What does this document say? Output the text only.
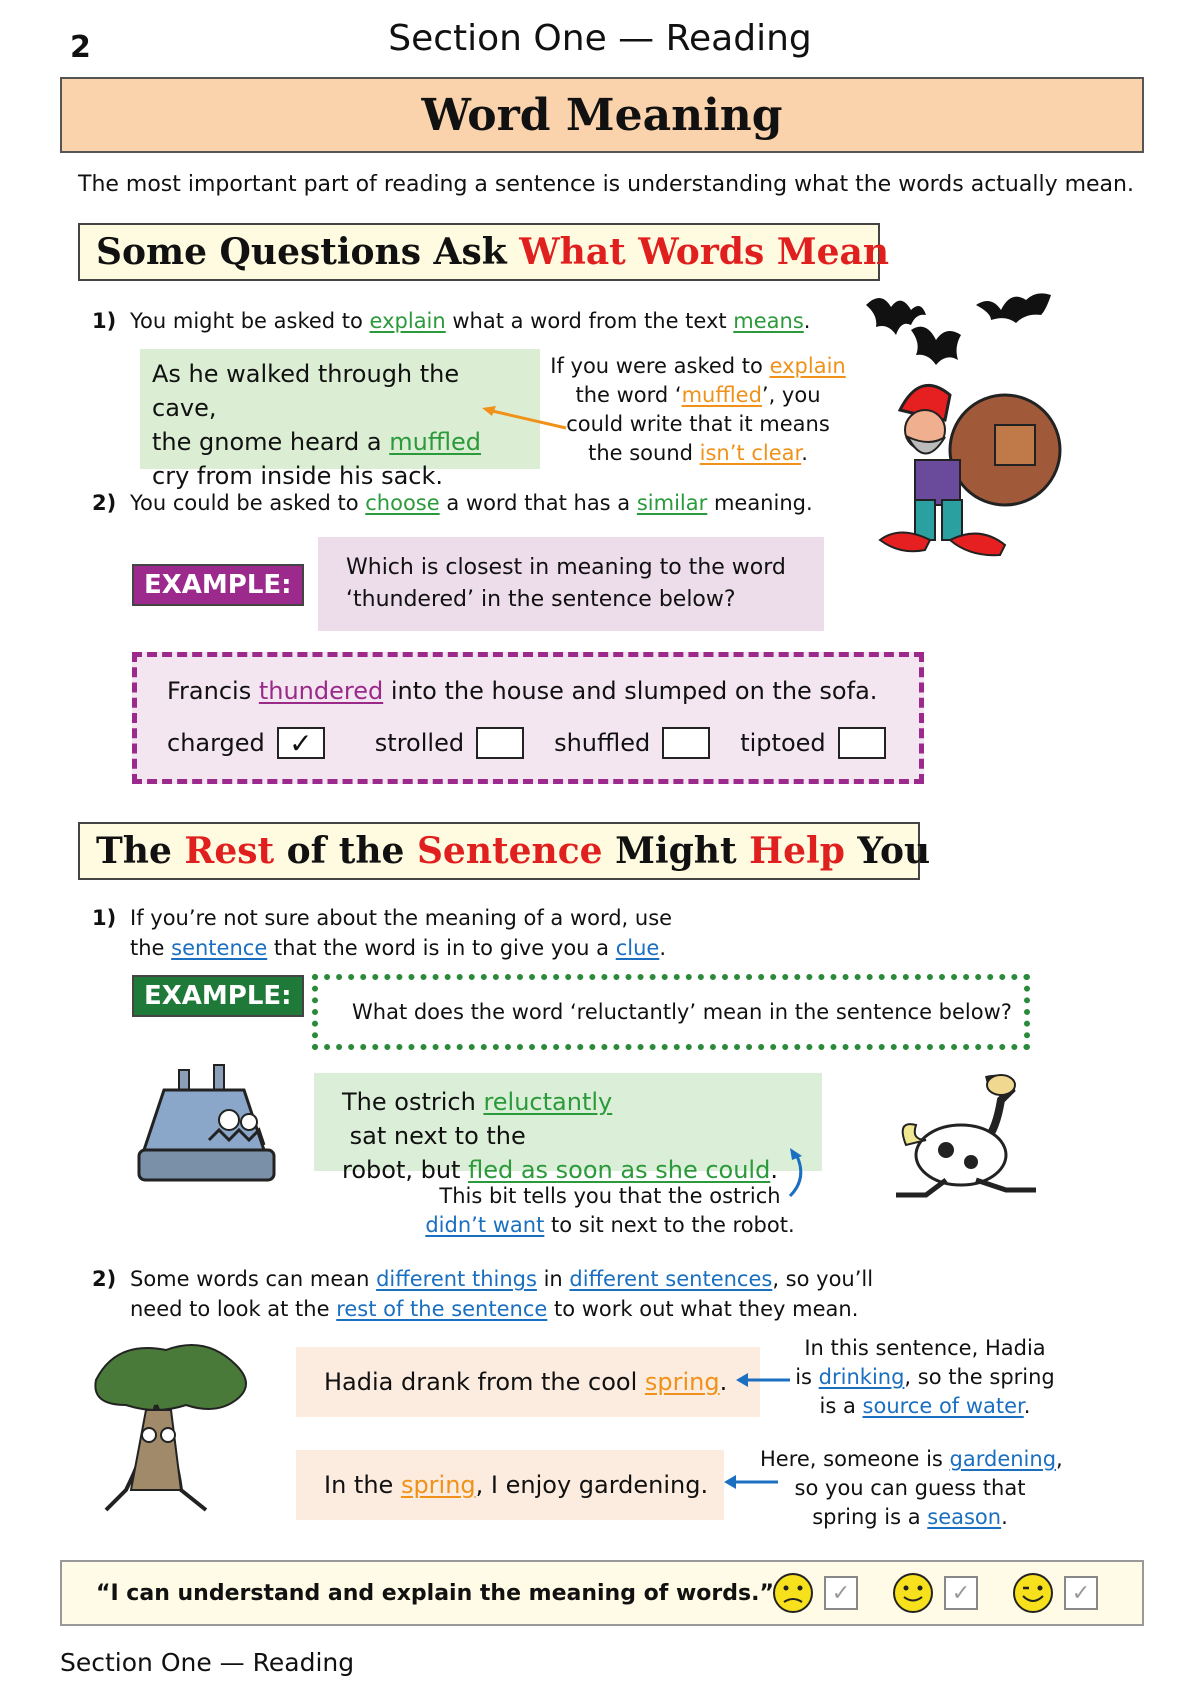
2	Section One — Reading
Word Meaning
The most important part of reading a sentence is understanding what the words actually mean.
Some Questions Ask What Words Mean
1) You might be asked to explain what a word from the text means.
As he walked through the cave,
the gnome heard a muffled
cry from inside his sack.
If you were asked to explain
the word ‘muffled’, you
could write that it means
the sound isn’t clear.
2) You could be asked to choose a word that has a similar meaning.
EXAMPLE:
Which is closest in meaning to the word
‘thundered’ in the sentence below?
Francis thundered into the house and slumped on the sofa.
charged ✓	strolled	shuffled	tiptoed
The Rest of the Sentence Might Help You
1) If you’re not sure about the meaning of a word, use
the sentence that the word is in to give you a clue.
EXAMPLE:
What does the word ‘reluctantly’ mean in the sentence below?
The ostrich reluctantly sat next to the
robot, but fled as soon as she could.
This bit tells you that the ostrich
didn’t want to sit next to the robot.
2) Some words can mean different things in different sentences, so you’ll
need to look at the rest of the sentence to work out what they mean.
Hadia drank from the cool spring .
In this sentence, Hadia
is drinking, so the spring
is a source of water.
In the spring , I enjoy gardening.
Here, someone is gardening,
so you can guess that
spring is a season.
“I can understand and explain the meaning of words.”	✓	✓	✓
Section One — Reading
